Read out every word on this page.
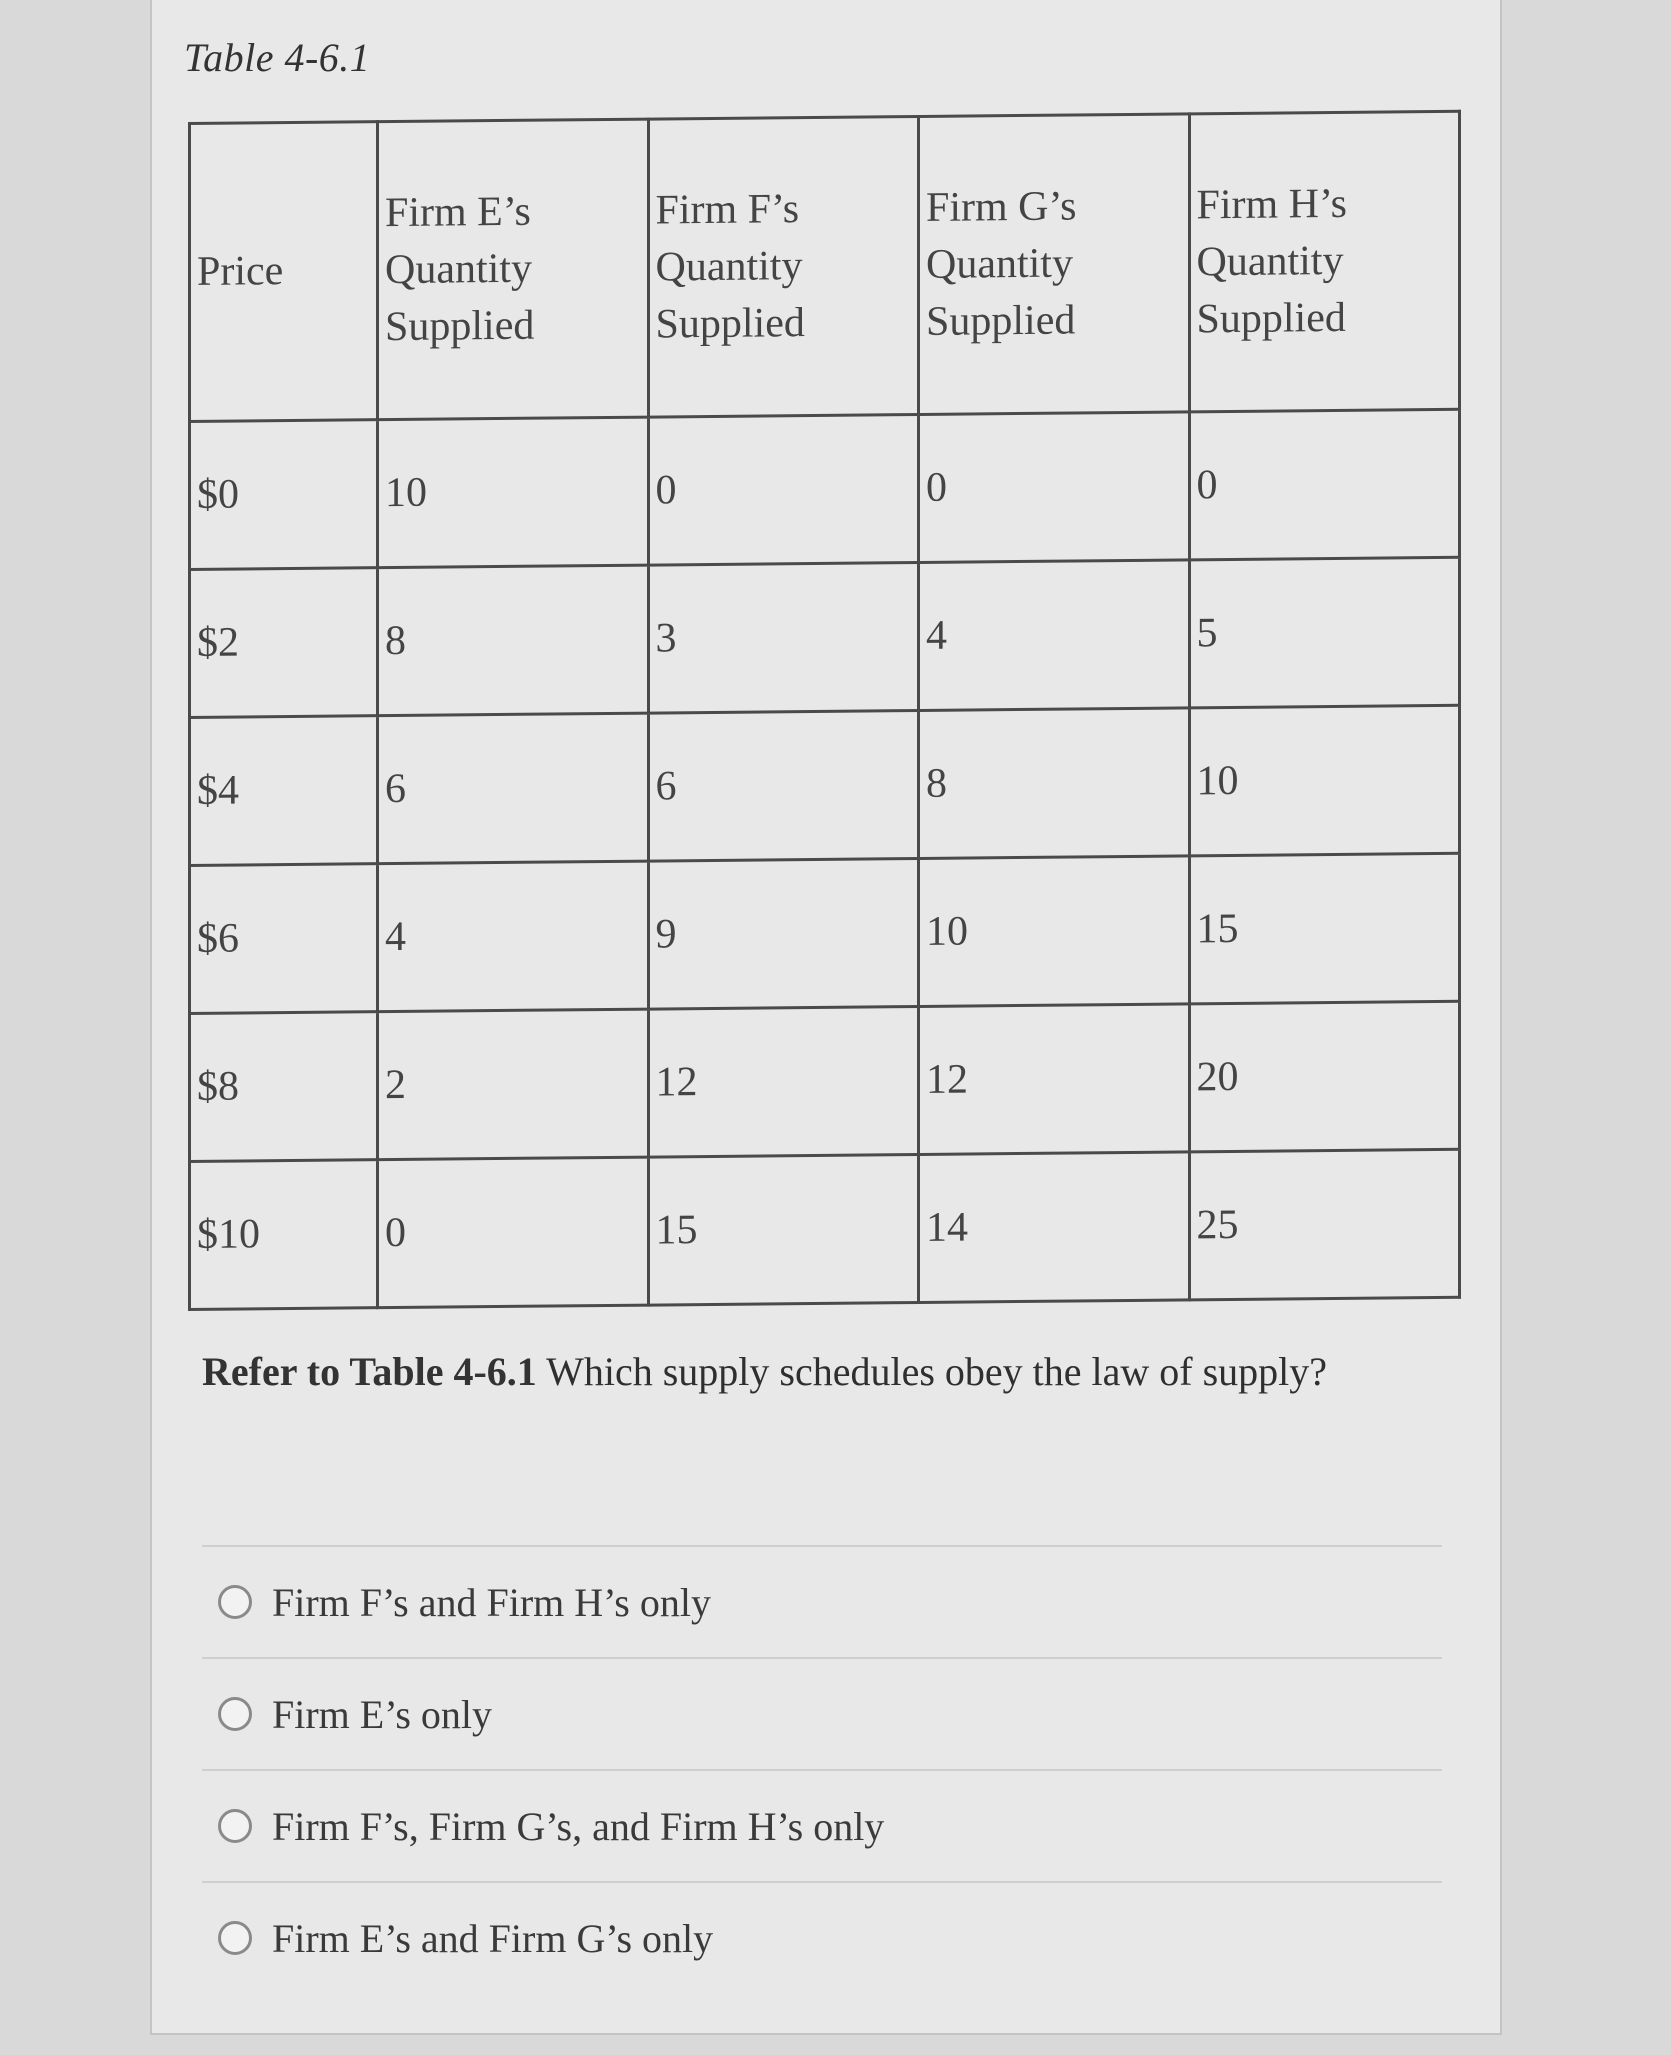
Table 4-6.1
Price	Firm E’s
Quantity
Supplied	Firm F’s
Quantity
Supplied	Firm G’s
Quantity
Supplied	Firm H’s
Quantity
Supplied

$0	10	0	0	0
$2	8	3	4	5
$4	6	6	8	10
$6	4	9	10	15
$8	2	12	12	20
$10	0	15	14	25
Refer to Table 4-6.1 Which supply schedules obey the law of supply?
Firm F’s and Firm H’s only
Firm E’s only
Firm F’s, Firm G’s, and Firm H’s only
Firm E’s and Firm G’s only
